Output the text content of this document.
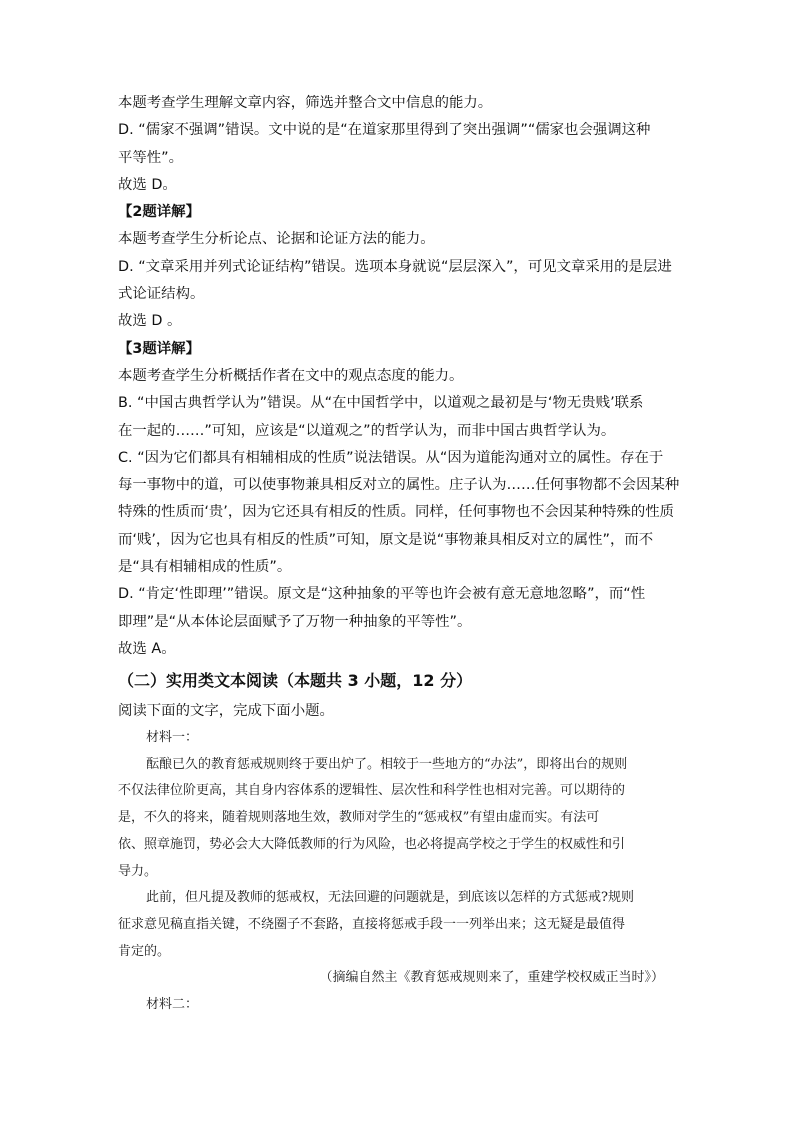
本题考查学生理解文章内容，筛选并整合文中信息的能力。
D. “儒家不强调”错误。文中说的是“在道家那里得到了突出强调”“儒家也会强调这种
平等性”。
故选 D。
【2题详解】
本题考查学生分析论点、论据和论证方法的能力。
D. “文章采用并列式论证结构”错误。选项本身就说“层层深入”，可见文章采用的是层进
式论证结构。
故选 D 。
【3题详解】
本题考查学生分析概括作者在文中的观点态度的能力。
B. “中国古典哲学认为”错误。从“在中国哲学中，以道观之最初是与‘物无贵贱’联系
在一起的……”可知，应该是“以道观之”的哲学认为，而非中国古典哲学认为。
C. “因为它们都具有相辅相成的性质”说法错误。从“因为道能沟通对立的属性。存在于
每一事物中的道，可以使事物兼具相反对立的属性。庄子认为……任何事物都不会因某种
特殊的性质而‘贵’，因为它还具有相反的性质。同样，任何事物也不会因某种特殊的性质
而‘贱’，因为它也具有相反的性质”可知，原文是说“事物兼具相反对立的属性”，而不
是“具有相辅相成的性质”。
D. “肯定‘性即理’”错误。原文是“这种抽象的平等也许会被有意无意地忽略”，而“性
即理”是“从本体论层面赋予了万物一种抽象的平等性”。
故选 A。
（二）实用类文本阅读（本题共 3 小题，12 分）
阅读下面的文字，完成下面小题。
材料一：
酝酿已久的教育惩戒规则终于要出炉了。相较于一些地方的“办法”，即将出台的规则
不仅法律位阶更高，其自身内容体系的逻辑性、层次性和科学性也相对完善。可以期待的
是，不久的将来，随着规则落地生效，教师对学生的“惩戒权”有望由虚而实。有法可
依、照章施罚，势必会大大降低教师的行为风险，也必将提高学校之于学生的权威性和引
导力。
此前，但凡提及教师的惩戒权，无法回避的问题就是，到底该以怎样的方式惩戒?规则
征求意见稿直指关键，不绕圈子不套路，直接将惩戒手段一一列举出来；这无疑是最值得
肯定的。
（摘编自然主《教育惩戒规则来了，重建学校权威正当时》）
材料二：
